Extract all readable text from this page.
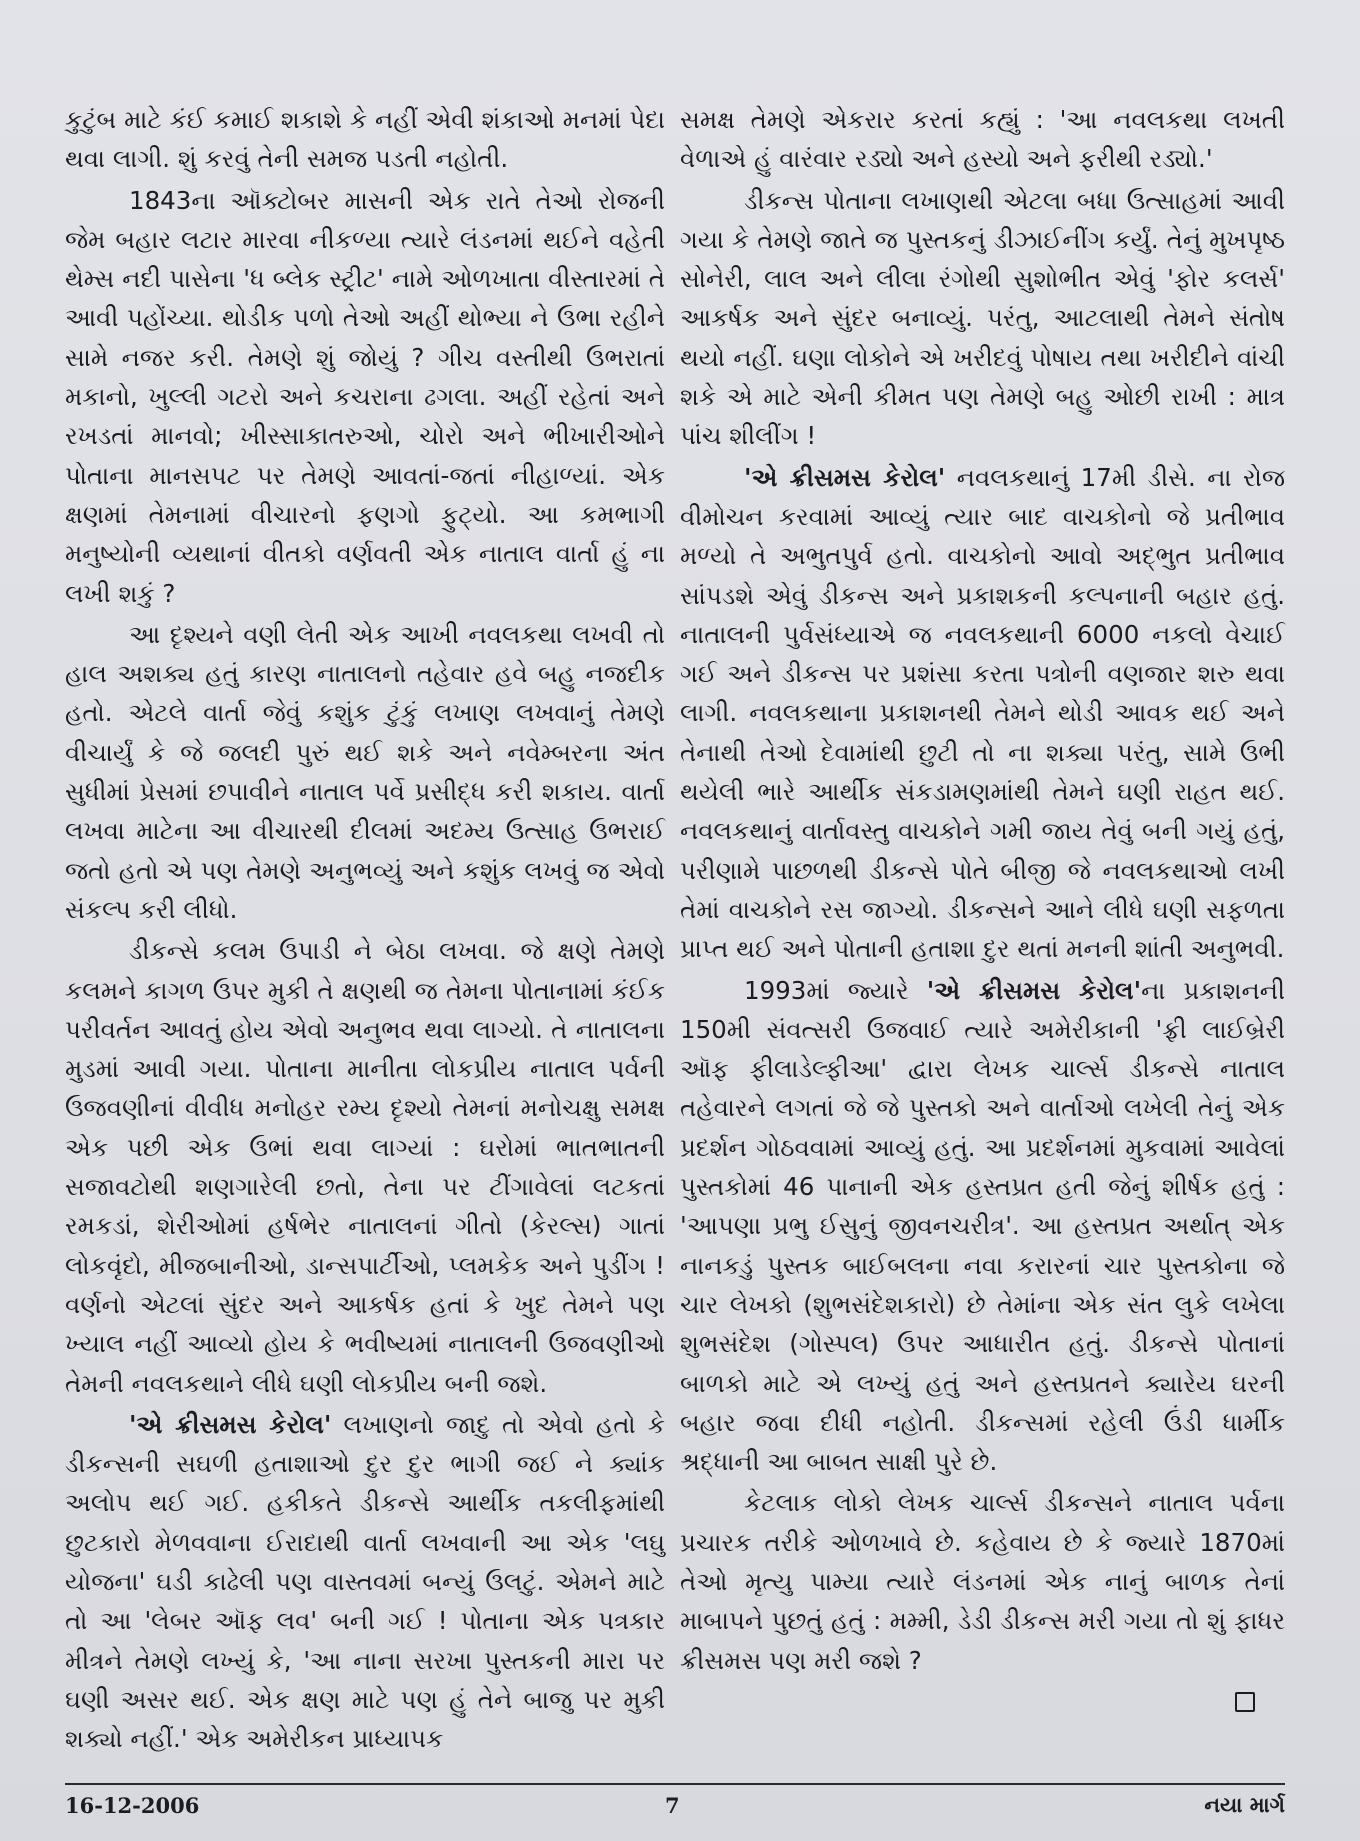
કુટુંબ માટે કંઈ કમાઈ શકાશે કે નહીં એવી શંકાઓ મનમાં પેદા થવા લાગી. શું કરવું તેની સમજ પડતી નહોતી.

1843ના ઑક્ટોબર માસની એક રાતે તેઓ રોજની જેમ બહાર લટાર મારવા નીકળ્યા ત્યારે લંડનમાં થઈને વહેતી થેમ્સ નદી પાસેના 'ધ બ્લેક સ્ટ્રીટ' નામે ઓળખાતા વીસ્તારમાં તે આવી પહોંચ્યા. થોડીક પળો તેઓ અહીં થોભ્યા ને ઉભા રહીને સામે નજર કરી. તેમણે શું જોયું ? ગીચ વસ્તીથી ઉભરાતાં મકાનો, ખુલ્લી ગટરો અને કચરાના ઢગલા. અહીં રહેતાં અને રખડતાં માનવો; ખીસ્સાકાતરુઓ, ચોરો અને ભીખારીઓને પોતાના માનસપટ પર તેમણે આવતાં-જતાં નીહાળ્યાં. એક ક્ષણમાં તેમનામાં વીચારનો ફણગો ફુટ્યો. આ કમભાગી મનુષ્યોની વ્યથાનાં વીતકો વર્ણવતી એક નાતાલ વાર્તા હું ના લખી શકું ?

આ દૃશ્યને વણી લેતી એક આખી નવલકથા લખવી તો હાલ અશક્ય હતું કારણ નાતાલનો તહેવાર હવે બહુ નજદીક હતો. એટલે વાર્તા જેવું કશુંક ટુંકું લખાણ લખવાનું તેમણે વીચાર્યું કે જે જલદી પુરું થઈ શકે અને નવેમ્બરના અંત સુધીમાં પ્રેસમાં છપાવીને નાતાલ પર્વે પ્રસીદ્ધ કરી શકાય. વાર્તા લખવા માટેના આ વીચારથી દીલમાં અદમ્ય ઉત્સાહ ઉભરાઈ જતો હતો એ પણ તેમણે અનુભવ્યું અને કશુંક લખવું જ એવો સંકલ્પ કરી લીધો.

ડીકન્સે કલમ ઉપાડી ને બેઠા લખવા. જે ક્ષણે તેમણે કલમને કાગળ ઉપર મુકી તે ક્ષણથી જ તેમના પોતાનામાં કંઈક પરીવર્તન આવતું હોય એવો અનુભવ થવા લાગ્યો. તે નાતાલના મુડમાં આવી ગયા. પોતાના માનીતા લોકપ્રીય નાતાલ પર્વની ઉજવણીનાં વીવીધ મનોહર રમ્ય દૃશ્યો તેમનાં મનોચક્ષુ સમક્ષ એક પછી એક ઉભાં થવા લાગ્યાં : ઘરોમાં ભાતભાતની સજાવટોથી શણગારેલી છતો, તેના પર ટીંગાવેલાં લટકતાં રમકડાં, શેરીઓમાં હર્ષભેર નાતાલનાં ગીતો (કેરલ્સ) ગાતાં લોકવૃંદો, મીજબાનીઓ, ડાન્સપાર્ટીઓ, પ્લમકેક અને પુડીંગ ! વર્ણનો એટલાં સુંદર અને આકર્ષક હતાં કે ખુદ તેમને પણ ખ્યાલ નહીં આવ્યો હોય કે ભવીષ્યમાં નાતાલની ઉજવણીઓ તેમની નવલકથાને લીધે ઘણી લોકપ્રીય બની જશે.

'એ ક્રીસમસ કેરોલ' લખાણનો જાદુ તો એવો હતો કે ડીકન્સની સઘળી હતાશાઓ દુર દુર ભાગી જઈ ને ક્યાંક અલોપ થઈ ગઈ. હકીકતે ડીકન્સે આર્થીક તકલીફમાંથી છુટકારો મેળવવાના ઈરાદાથી વાર્તા લખવાની આ એક 'લઘુ યોજના' ઘડી કાઢેલી પણ વાસ્તવમાં બન્યું ઉલટું. એમને માટે તો આ 'લેબર ઑફ લવ' બની ગઈ ! પોતાના એક પત્રકાર મીત્રને તેમણે લખ્યું કે, 'આ નાના સરખા પુસ્તકની મારા પર ઘણી અસર થઈ. એક ક્ષણ માટે પણ હું તેને બાજુ પર મુકી શક્યો નહીં.' એક અમેરીકન પ્રાધ્યાપક

સમક્ષ તેમણે એકરાર કરતાં કહ્યું : 'આ નવલકથા લખતી વેળાએ હું વારંવાર રડ્યો અને હસ્યો અને ફરીથી રડ્યો.'

ડીકન્સ પોતાના લખાણથી એટલા બધા ઉત્સાહમાં આવી ગયા કે તેમણે જાતે જ પુસ્તકનું ડીઝાઈનીંગ કર્યું. તેનું મુખપૃષ્ઠ સોનેરી, લાલ અને લીલા રંગોથી સુશોભીત એવું 'ફોર કલર્સ' આકર્ષક અને સુંદર બનાવ્યું. પરંતુ, આટલાથી તેમને સંતોષ થયો નહીં. ઘણા લોકોને એ ખરીદવું પોષાય તથા ખરીદીને વાંચી શકે એ માટે એની કીમત પણ તેમણે બહુ ઓછી રાખી : માત્ર પાંચ શીલીંગ !

'એ ક્રીસમસ કેરોલ' નવલકથાનું 17મી ડીસે. ના રોજ વીમોચન કરવામાં આવ્યું ત્યાર બાદ વાચકોનો જે પ્રતીભાવ મળ્યો તે અભુતપુર્વ હતો. વાચકોનો આવો અદ્ભુત પ્રતીભાવ સાંપડશે એવું ડીકન્સ અને પ્રકાશકની કલ્પનાની બહાર હતું. નાતાલની પુર્વસંધ્યાએ જ નવલકથાની 6000 નકલો વેચાઈ ગઈ અને ડીકન્સ પર પ્રશંસા કરતા પત્રોની વણજાર શરુ થવા લાગી. નવલકથાના પ્રકાશનથી તેમને થોડી આવક થઈ અને તેનાથી તેઓ દેવામાંથી છુટી તો ના શક્યા પરંતુ, સામે ઉભી થયેલી ભારે આર્થીક સંકડામણમાંથી તેમને ઘણી રાહત થઈ. નવલકથાનું વાર્તાવસ્તુ વાચકોને ગમી જાય તેવું બની ગયું હતું, પરીણામે પાછળથી ડીકન્સે પોતે બીજી જે નવલકથાઓ લખી તેમાં વાચકોને રસ જાગ્યો. ડીકન્સને આને લીધે ઘણી સફળતા પ્રાપ્ત થઈ અને પોતાની હતાશા દુર થતાં મનની શાંતી અનુભવી.

1993માં જ્યારે 'એ ક્રીસમસ કેરોલ'ના પ્રકાશનની 150મી સંવત્સરી ઉજવાઈ ત્યારે અમેરીકાની 'ફ્રી લાઈબ્રેરી ઑફ ફીલાડેલ્ફીઆ' દ્વારા લેખક ચાર્લ્સ ડીકન્સે નાતાલ તહેવારને લગતાં જે જે પુસ્તકો અને વાર્તાઓ લખેલી તેનું એક પ્રદર્શન ગોઠવવામાં આવ્યું હતું. આ પ્રદર્શનમાં મુકવામાં આવેલાં પુસ્તકોમાં 46 પાનાની એક હસ્તપ્રત હતી જેનું શીર્ષક હતું : 'આપણા પ્રભુ ઈસુનું જીવનચરીત્ર'. આ હસ્તપ્રત અર્થાત્ એક નાનકડું પુસ્તક બાઈબલના નવા કરારનાં ચાર પુસ્તકોના જે ચાર લેખકો (શુભસંદેશકારો) છે તેમાંના એક સંત લુકે લખેલા શુભસંદેશ (ગોસ્પલ) ઉપર આધારીત હતું. ડીકન્સે પોતાનાં બાળકો માટે એ લખ્યું હતું અને હસ્તપ્રતને ક્યારેય ઘરની બહાર જવા દીધી નહોતી. ડીકન્સમાં રહેલી ઉંડી ધાર્મીક શ્રદ્ધાની આ બાબત સાક્ષી પુરે છે.

કેટલાક લોકો લેખક ચાર્લ્સ ડીકન્સને નાતાલ પર્વના પ્રચારક તરીકે ઓળખાવે છે. કહેવાય છે કે જ્યારે 1870માં તેઓ મૃત્યુ પામ્યા ત્યારે લંડનમાં એક નાનું બાળક તેનાં માબાપને પુછતું હતું : મમ્મી, ડેડી ડીકન્સ મરી ગયા તો શું ફાધર ક્રીસમસ પણ મરી જશે ?

16-12-2006	7	નયા માર્ગ
